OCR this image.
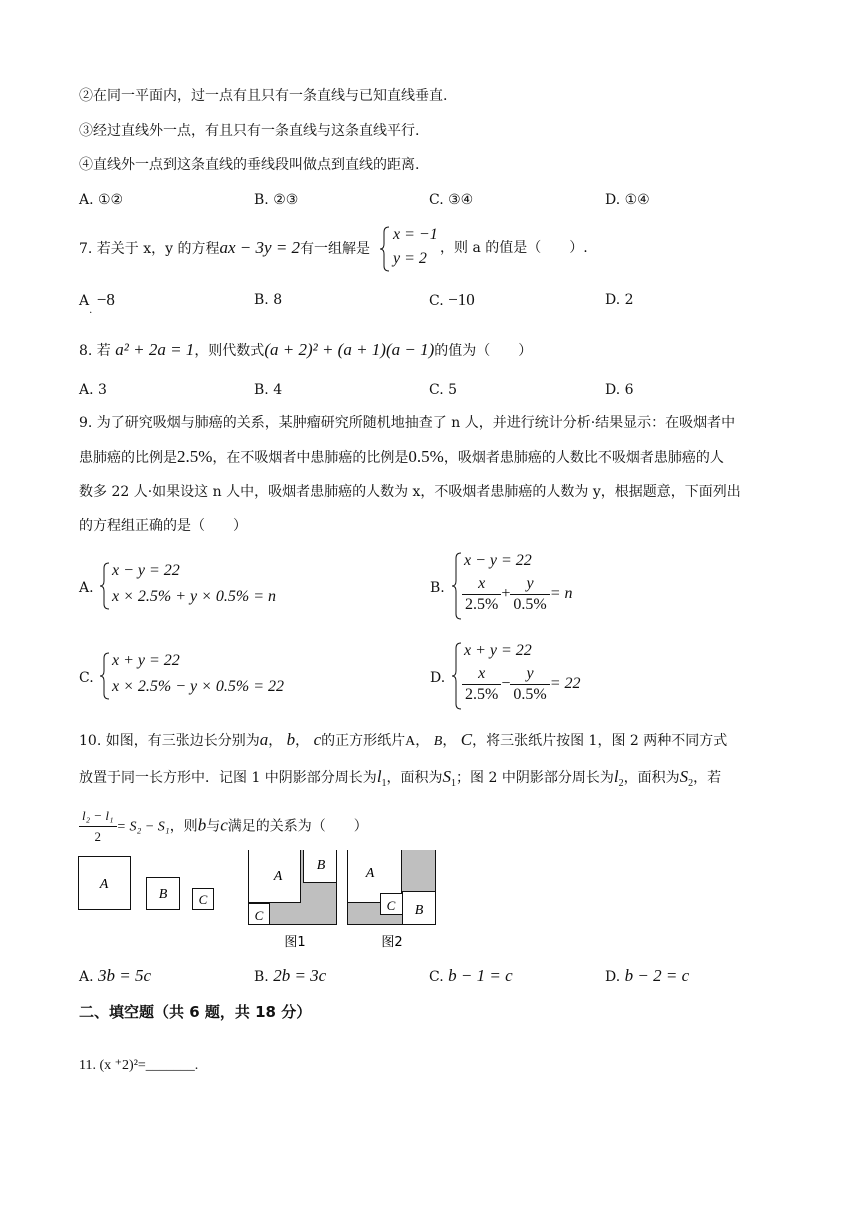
②在同一平面内，过一点有且只有一条直线与已知直线垂直.
③经过直线外一点，有且只有一条直线与这条直线平行.
④直线外一点到这条直线的垂线段叫做点到直线的距离.
A. ①②	B. ②③	C. ③④	D. ①④
7. 若关于 x，y 的方程ax − 3y = 2有一组解是
x = −1
y = 2
，则 a 的值是（　　）.
$A_. -8$	B. 8	C. −10	D. 2
8. 若 a² + 2a = 1，则代数式(a + 2)² + (a + 1)(a − 1)的值为（　　）
A. 3	B. 4	C. 5	D. 6
9. 为了研究吸烟与肺癌的关系，某肿瘤研究所随机地抽查了 n 人，并进行统计分析·结果显示：在吸烟者中
患肺癌的比例是2.5%，在不吸烟者中患肺癌的比例是0.5%，吸烟者患肺癌的人数比不吸烟者患肺癌的人
数多 22 人·如果设这 n 人中，吸烟者患肺癌的人数为 x，不吸烟者患肺癌的人数为 y，根据题意，下面列出
的方程组正确的是（　　）
A.
x − y = 22
x × 2.5% + y × 0.5% = n	B.
x − y = 22
$\frac{x}{2.5\%} + \frac{y}{0.5\%} = n$
C.
x + y = 22
x × 2.5% − y × 0.5% = 22	D.
x + y = 22
$\frac{x}{2.5\%} - \frac{y}{0.5\%} = 22$
10. 如图，有三张边长分别为a， b， c的正方形纸片A， B， C，将三张纸片按图 1，图 2 两种不同方式
放置于同一长方形中．记图 1 中阴影部分周长为$l_1$，面积为$S_1$；图 2 中阴影部分周长为$l_2$，面积为$S_2$，若
$\frac{\text{l₂ − l₁}}{2} = S_2 - S_1$，则b与c满足的关系为（　　）
A
B C
A
B
C
图1
A
B
C
图2
A. 3b = 5c	B. 2b = 3c	C. b − 1 = c	D. b − 2 = c
二、填空题（共 6 题，共 18 分）
11. (x ⁺2)²=_______.
